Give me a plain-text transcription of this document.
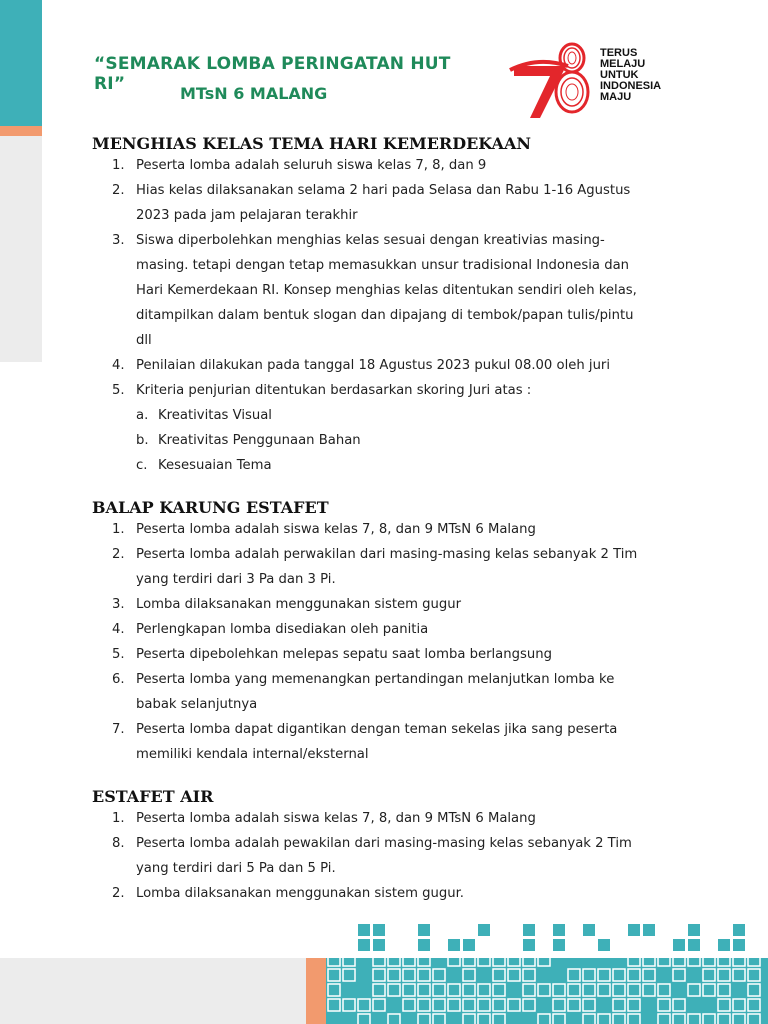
“SEMARAK LOMBA PERINGATAN HUT RI”	MTsN 6 MALANG
TERUS
MELAJU
UNTUK
INDONESIA
MAJU
MENGHIAS KELAS TEMA HARI KEMERDEKAAN
1. Peserta lomba adalah seluruh siswa kelas 7, 8, dan 9
2. Hias kelas dilaksanakan selama 2 hari pada Selasa dan Rabu 1-16 Agustus 2023 pada jam pelajaran terakhir
3. Siswa diperbolehkan menghias kelas sesuai dengan kreativias masing-masing. tetapi dengan tetap memasukkan unsur tradisional Indonesia dan Hari Kemerdekaan RI. Konsep menghias kelas ditentukan sendiri oleh kelas, ditampilkan dalam bentuk slogan dan dipajang di tembok/papan tulis/pintu dll
4. Penilaian dilakukan pada tanggal 18 Agustus 2023 pukul 08.00 oleh juri
5. Kriteria penjurian ditentukan berdasarkan skoring Juri atas :
a. Kreativitas Visual
b. Kreativitas Penggunaan Bahan
c. Kesesuaian Tema
BALAP KARUNG ESTAFET
1. Peserta lomba adalah siswa kelas 7, 8, dan 9 MTsN 6 Malang
2. Peserta lomba adalah perwakilan dari masing-masing kelas sebanyak 2 Tim yang terdiri dari 3 Pa dan 3 Pi.
3. Lomba dilaksanakan menggunakan sistem gugur
4. Perlengkapan lomba disediakan oleh panitia
5. Peserta dipebolehkan melepas sepatu saat lomba berlangsung
6. Peserta lomba yang memenangkan pertandingan melanjutkan lomba ke babak selanjutnya
7. Peserta lomba dapat digantikan dengan teman sekelas jika sang peserta memiliki kendala internal/eksternal
ESTAFET AIR
1. Peserta lomba adalah siswa kelas 7, 8, dan 9 MTsN 6 Malang
8. Peserta lomba adalah pewakilan dari masing-masing kelas sebanyak 2 Tim yang terdiri dari 5 Pa dan 5 Pi.
2. Lomba dilaksanakan menggunakan sistem gugur.
